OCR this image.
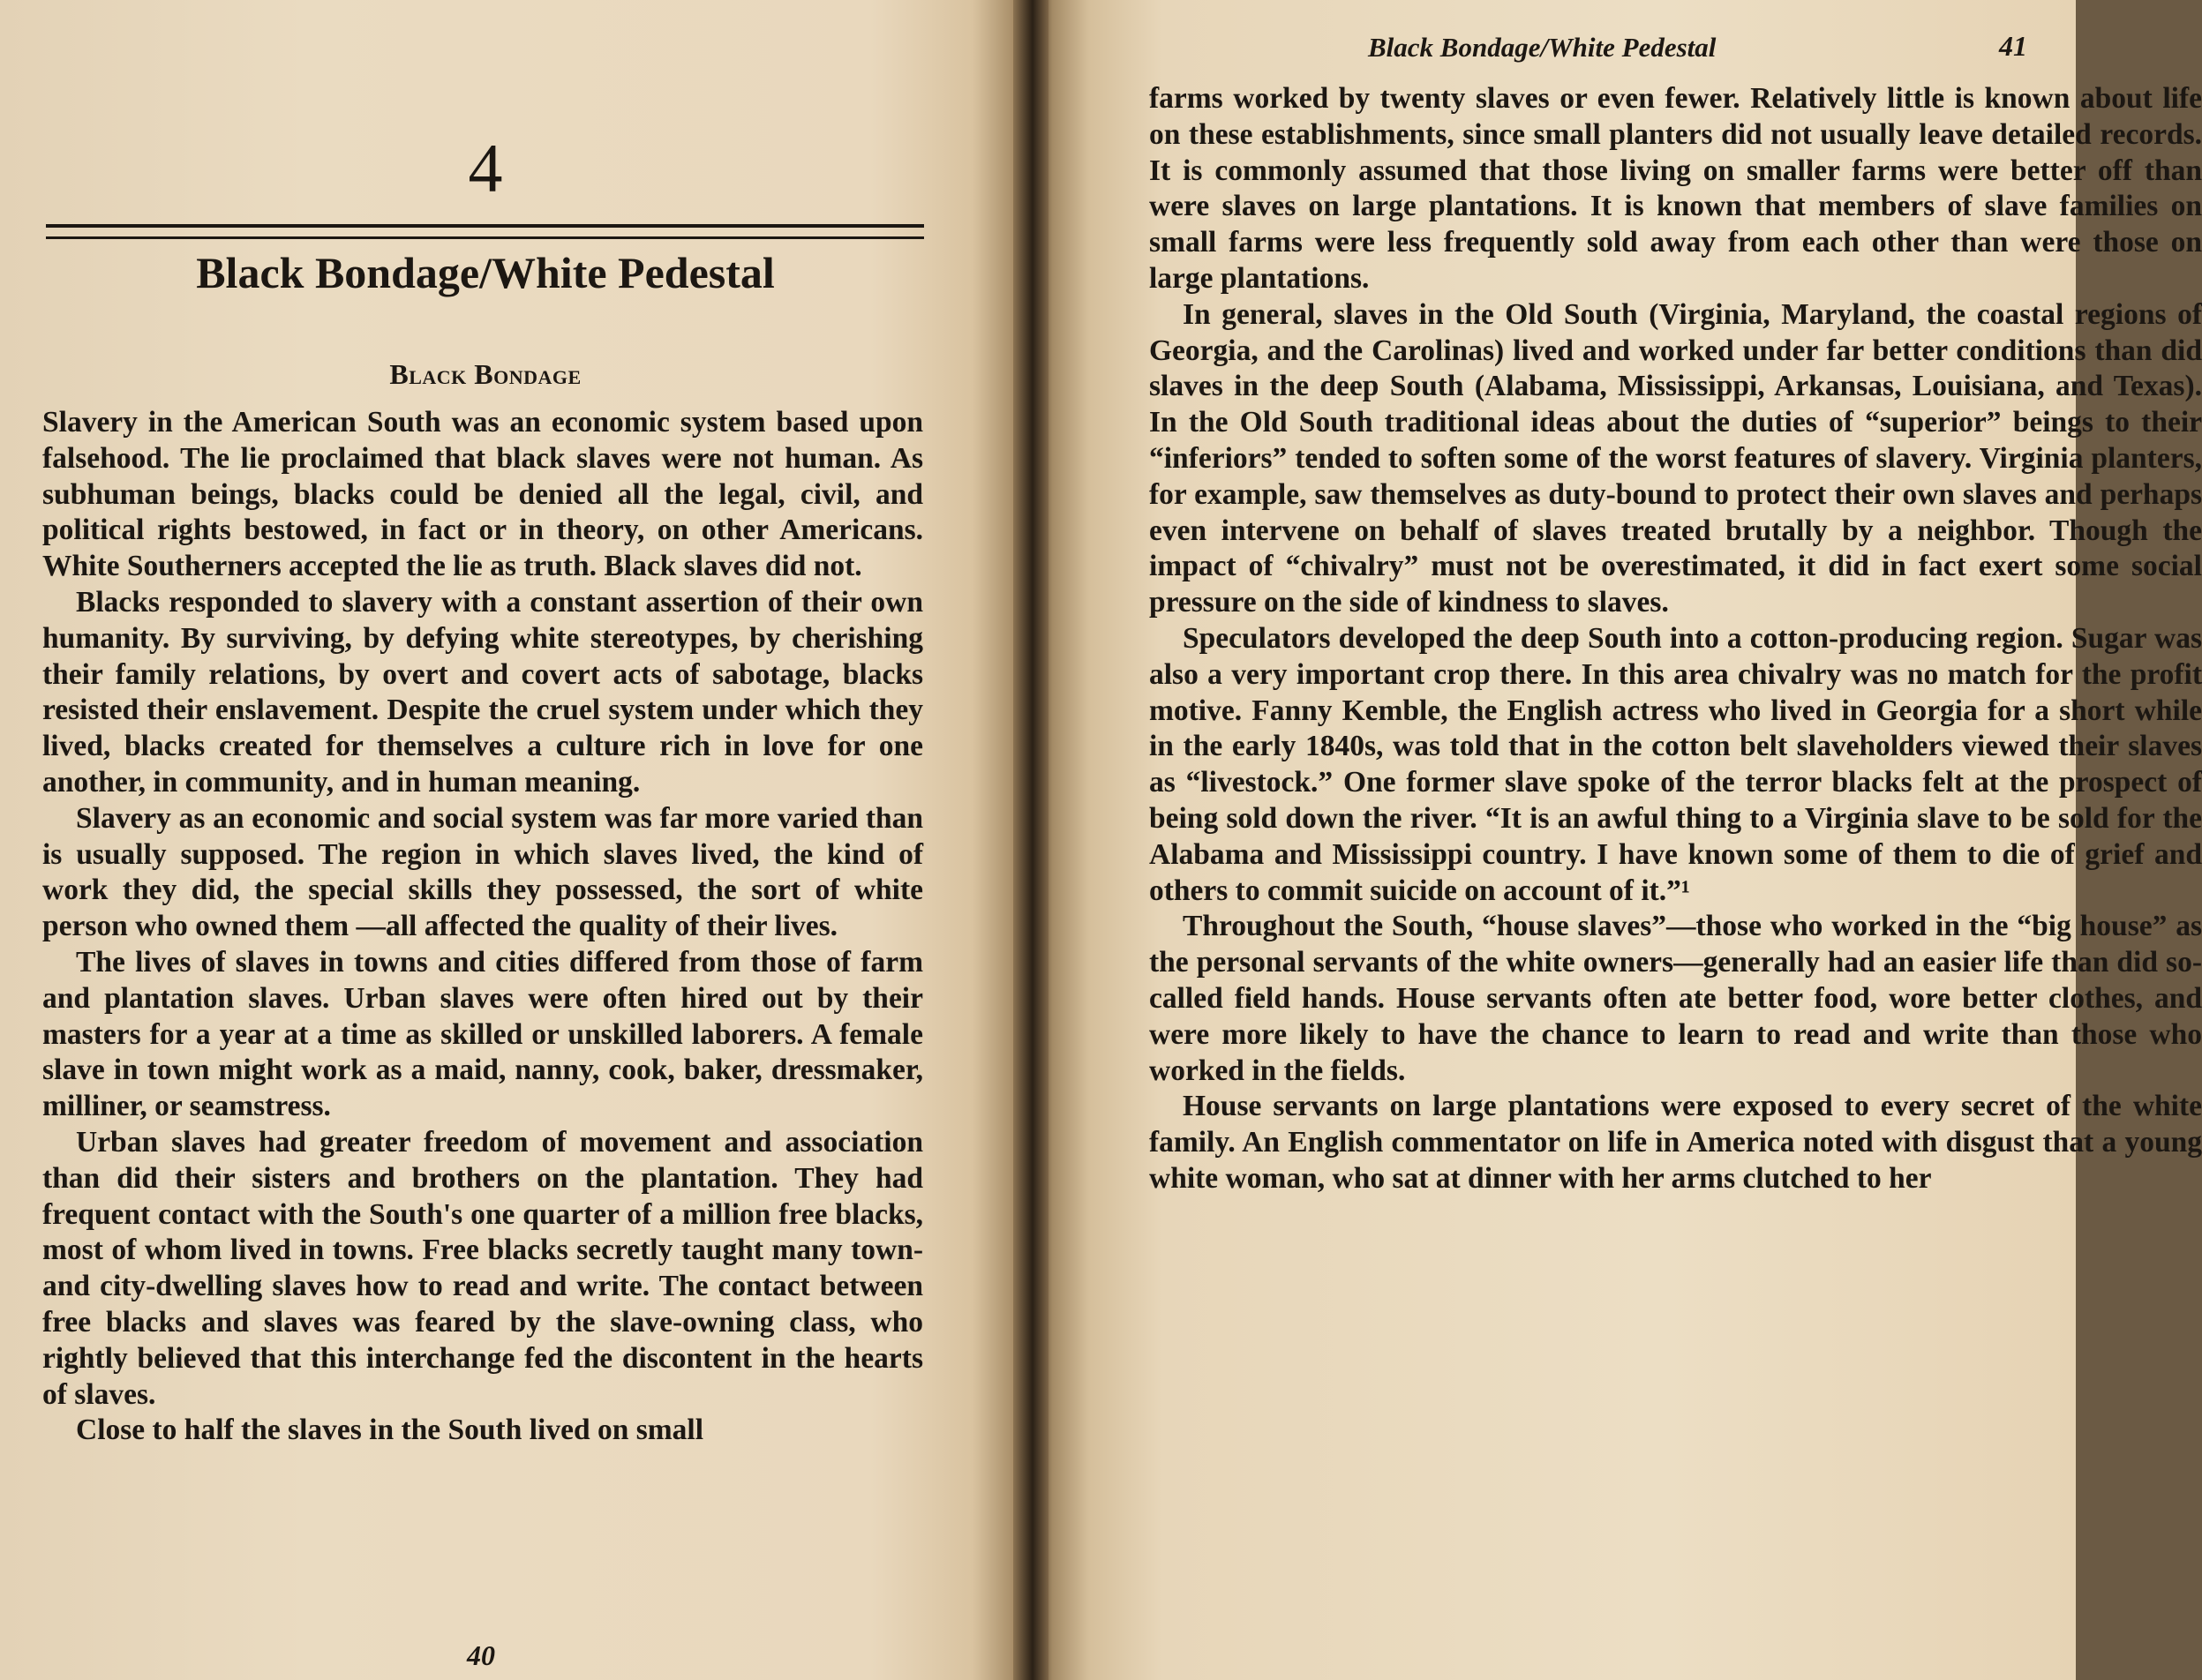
4
Black Bondage/White Pedestal
Black Bondage

Slavery in the American South was an economic system based upon falsehood. The lie proclaimed that black slaves were not human. As subhuman beings, blacks could be denied all the legal, civil, and political rights bestowed, in fact or in theory, on other Americans. White Southerners accepted the lie as truth. Black slaves did not.

Blacks responded to slavery with a constant assertion of their own humanity. By surviving, by defying white stereotypes, by cherishing their family relations, by overt and covert acts of sabotage, blacks resisted their enslavement. Despite the cruel system under which they lived, blacks created for themselves a culture rich in love for one another, in community, and in human meaning.

Slavery as an economic and social system was far more varied than is usually supposed. The region in which slaves lived, the kind of work they did, the special skills they possessed, the sort of white person who owned them —all affected the quality of their lives.

The lives of slaves in towns and cities differed from those of farm and plantation slaves. Urban slaves were often hired out by their masters for a year at a time as skilled or unskilled laborers. A female slave in town might work as a maid, nanny, cook, baker, dressmaker, milliner, or seamstress.

Urban slaves had greater freedom of movement and association than did their sisters and brothers on the plantation. They had frequent contact with the South's one quarter of a million free blacks, most of whom lived in towns. Free blacks secretly taught many town- and city-dwelling slaves how to read and write. The contact between free blacks and slaves was feared by the slave-owning class, who rightly believed that this interchange fed the discontent in the hearts of slaves.

Close to half the slaves in the South lived on small

40
Black Bondage/White Pedestal	41

farms worked by twenty slaves or even fewer. Relatively little is known about life on these establishments, since small planters did not usually leave detailed records. It is commonly assumed that those living on smaller farms were better off than were slaves on large plantations. It is known that members of slave families on small farms were less frequently sold away from each other than were those on large plantations.

In general, slaves in the Old South (Virginia, Maryland, the coastal regions of Georgia, and the Carolinas) lived and worked under far better conditions than did slaves in the deep South (Alabama, Mississippi, Arkansas, Louisiana, and Texas). In the Old South traditional ideas about the duties of “superior” beings to their “inferiors” tended to soften some of the worst features of slavery. Virginia planters, for example, saw themselves as duty-bound to protect their own slaves and perhaps even intervene on behalf of slaves treated brutally by a neighbor. Though the impact of “chivalry” must not be overestimated, it did in fact exert some social pressure on the side of kindness to slaves.

Speculators developed the deep South into a cotton-producing region. Sugar was also a very important crop there. In this area chivalry was no match for the profit motive. Fanny Kemble, the English actress who lived in Georgia for a short while in the early 1840s, was told that in the cotton belt slaveholders viewed their slaves as “livestock.” One former slave spoke of the terror blacks felt at the prospect of being sold down the river. “It is an awful thing to a Virginia slave to be sold for the Alabama and Mississippi country. I have known some of them to die of grief and others to commit suicide on account of it.”¹

Throughout the South, “house slaves”—those who worked in the “big house” as the personal servants of the white owners—generally had an easier life than did so-called field hands. House servants often ate better food, wore better clothes, and were more likely to have the chance to learn to read and write than those who worked in the fields.

House servants on large plantations were exposed to every secret of the white family. An English commentator on life in America noted with disgust that a young white woman, who sat at dinner with her arms clutched to her
